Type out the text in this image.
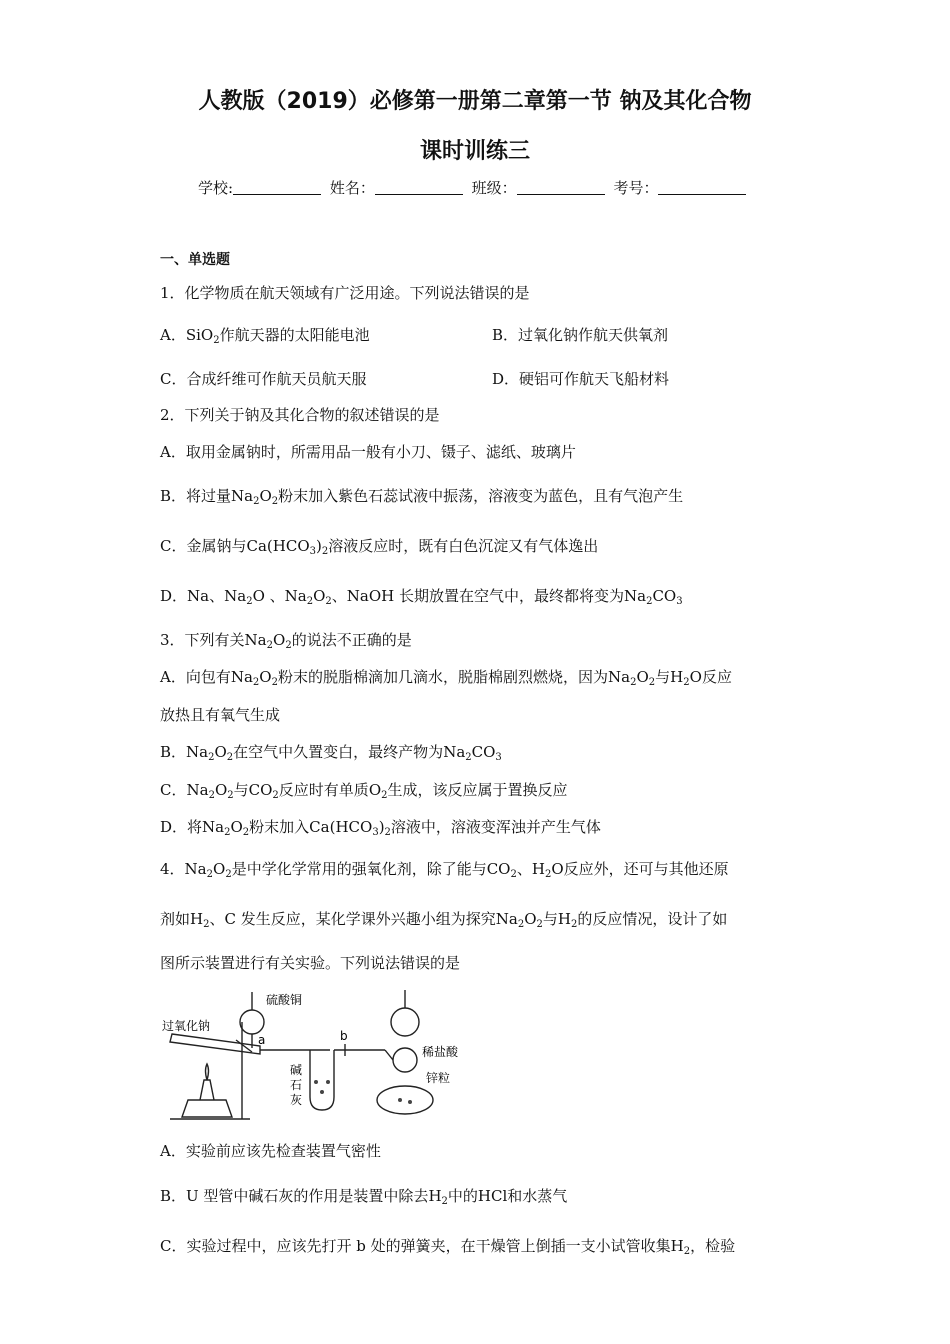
人教版（2019）必修第一册第二章第一节 钠及其化合物
课时训练三
学校:	姓名：	班级：	考号：
一、单选题
1．化学物质在航天领域有广泛用途。下列说法错误的是
A．SiO$_2$作航天器的太阳能电池	B．过氧化钠作航天供氧剂
C．合成纤维可作航天员航天服	D．硬铝可作航天飞船材料
2．下列关于钠及其化合物的叙述错误的是
A．取用金属钠时，所需用品一般有小刀、镊子、滤纸、玻璃片
B．将过量$Na_2O_2$粉末加入紫色石蕊试液中振荡，溶液变为蓝色，且有气泡产生
C．金属钠与$Ca(HCO_3)_2$溶液反应时，既有白色沉淀又有气体逸出
D．Na、$Na_2O$ 、$Na_2O_2$、NaOH 长期放置在空气中，最终都将变为$Na_2CO_3$
3．下列有关$Na_2O_2$的说法不正确的是
A．向包有$Na_2O_2$粉末的脱脂棉滴加几滴水，脱脂棉剧烈燃烧，因为$Na_2O_2$与$H_2O$反应
放热且有氧气生成
B．$Na_2O_2$在空气中久置变白，最终产物为$Na_2CO_3$
C．$Na_2O_2$与$CO_2$反应时有单质$O_2$生成，该反应属于置换反应
D．将$Na_2O_2$粉末加入$Ca(HCO_3)_2$溶液中，溶液变浑浊并产生气体
4．$Na_2O_2$是中学化学常用的强氧化剂，除了能与$CO_2$、$H_2O$反应外，还可与其他还原
剂如$H_2$、C 发生反应，某化学课外兴趣小组为探究$Na_2O_2$与$H_2$的反应情况，设计了如
图所示装置进行有关实验。下列说法错误的是
过氧化钠
硫酸铜
a	b
碱
石
灰
稀盐酸
锌粒
A．实验前应该先检查装置气密性
B．U 型管中碱石灰的作用是装置中除去$H_2$中的HCl和水蒸气
C．实验过程中，应该先打开 b 处的弹簧夹，在干燥管上倒插一支小试管收集$H_2$，检验
